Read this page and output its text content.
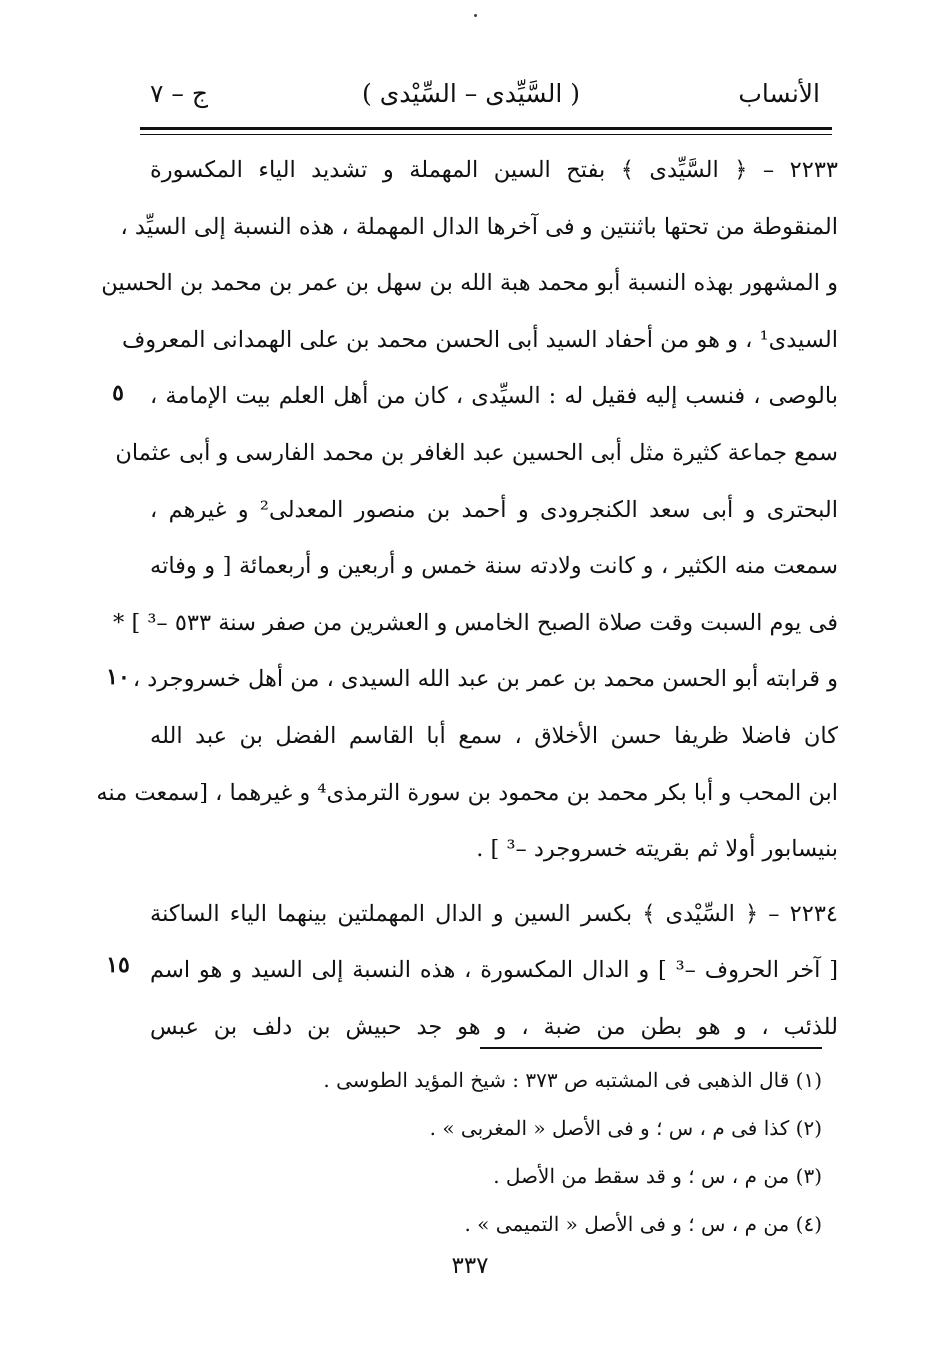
الأنساب
( السَّيِّدى – السِّيْدى )
ج – ٧
٢٢٣٣ – ﴿ السَّيِّدى ﴾ بفتح السين المهملة و تشديد الياء المكسورة
المنقوطة من تحتها باثنتين و فى آخرها الدال المهملة ، هذه النسبة إلى السيِّد ،
و المشهور بهذه النسبة أبو محمد هبة الله بن سهل بن عمر بن محمد بن الحسين
السيدى¹ ، و هو من أحفاد السيد أبى الحسن محمد بن على الهمدانى المعروف
بالوصى ، فنسب إليه فقيل له : السيِّدى ، كان من أهل العلم بيت الإمامة ،
سمع جماعة كثيرة مثل أبى الحسين عبد الغافر بن محمد الفارسى و أبى عثمان
البحترى و أبى سعد الكنجرودى و أحمد بن منصور المعدلى² و غيرهم ،
سمعت منه الكثير ، و كانت ولادته سنة خمس و أربعين و أربعمائة [ و وفاته
فى يوم السبت وقت صلاة الصبح الخامس و العشرين من صفر سنة ٥٣٣ –³ ] *
و قرابته أبو الحسن محمد بن عمر بن عبد الله السيدى ، من أهل خسروجرد ،
كان فاضلا ظريفا حسن الأخلاق ، سمع أبا القاسم الفضل بن عبد الله
ابن المحب و أبا بكر محمد بن محمود بن سورة الترمذى⁴ و غيرهما ، [سمعت منه
بنيسابور أولا ثم بقريته خسروجرد –³ ] .
٢٢٣٤ – ﴿ السِّيْدى ﴾ بكسر السين و الدال المهملتين بينهما الياء الساكنة
[ آخر الحروف –³ ] و الدال المكسورة ، هذه النسبة إلى السيد و هو اسم
للذئب ، و هو بطن من ضبة ، و هو جد حبيش بن دلف بن عبس
٥
١٠
١٥
(١) قال الذهبى فى المشتبه ص ٣٧٣ : شيخ المؤيد الطوسى .
(٢) كذا فى م ، س ؛ و فى الأصل « المغربى » .
(٣) من م ، س ؛ و قد سقط من الأصل .
(٤) من م ، س ؛ و فى الأصل « التميمى » .
٣٣٧
